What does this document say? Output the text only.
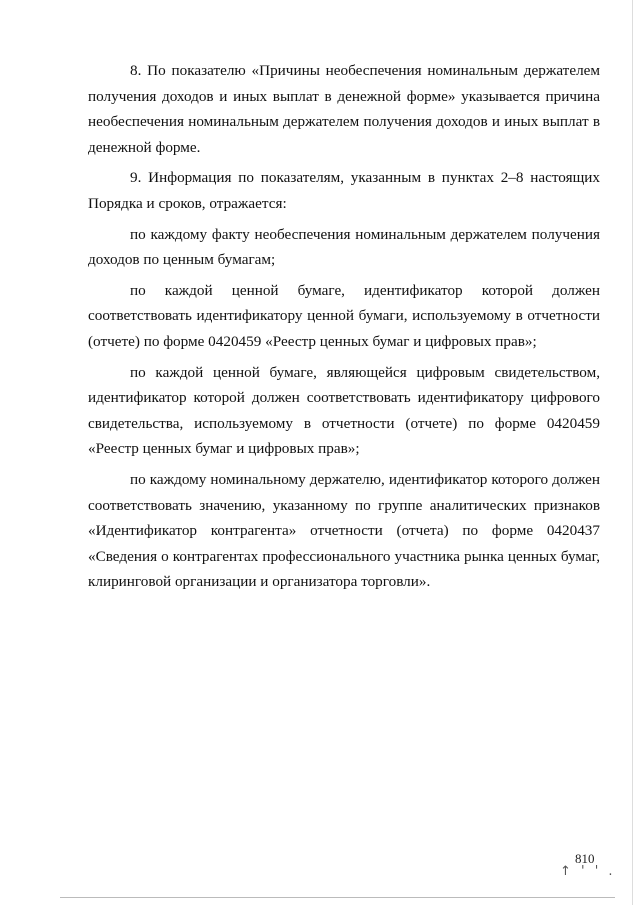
8. По показателю «Причины необеспечения номинальным держателем получения доходов и иных выплат в денежной форме» указывается причина необеспечения номинальным держателем получения доходов и иных выплат в денежной форме.

9. Информация по показателям, указанным в пунктах 2–8 настоящих Порядка и сроков, отражается:

по каждому факту необеспечения номинальным держателем получения доходов по ценным бумагам;

по каждой ценной бумаге, идентификатор которой должен соответствовать идентификатору ценной бумаги, используемому в отчетности (отчете) по форме 0420459 «Реестр ценных бумаг и цифровых прав»;

по каждой ценной бумаге, являющейся цифровым свидетельством, идентификатор которой должен соответствовать идентификатору цифрового свидетельства, используемому в отчетности (отчете) по форме 0420459 «Реестр ценных бумаг и цифровых прав»;

по каждому номинальному держателю, идентификатор которого должен соответствовать значению, указанному по группе аналитических признаков «Идентификатор контрагента» отчетности (отчета) по форме 0420437 «Сведения о контрагентах профессионального участника рынка ценных бумаг, клиринговой организации и организатора торговли».

810
↑ ' ' .
